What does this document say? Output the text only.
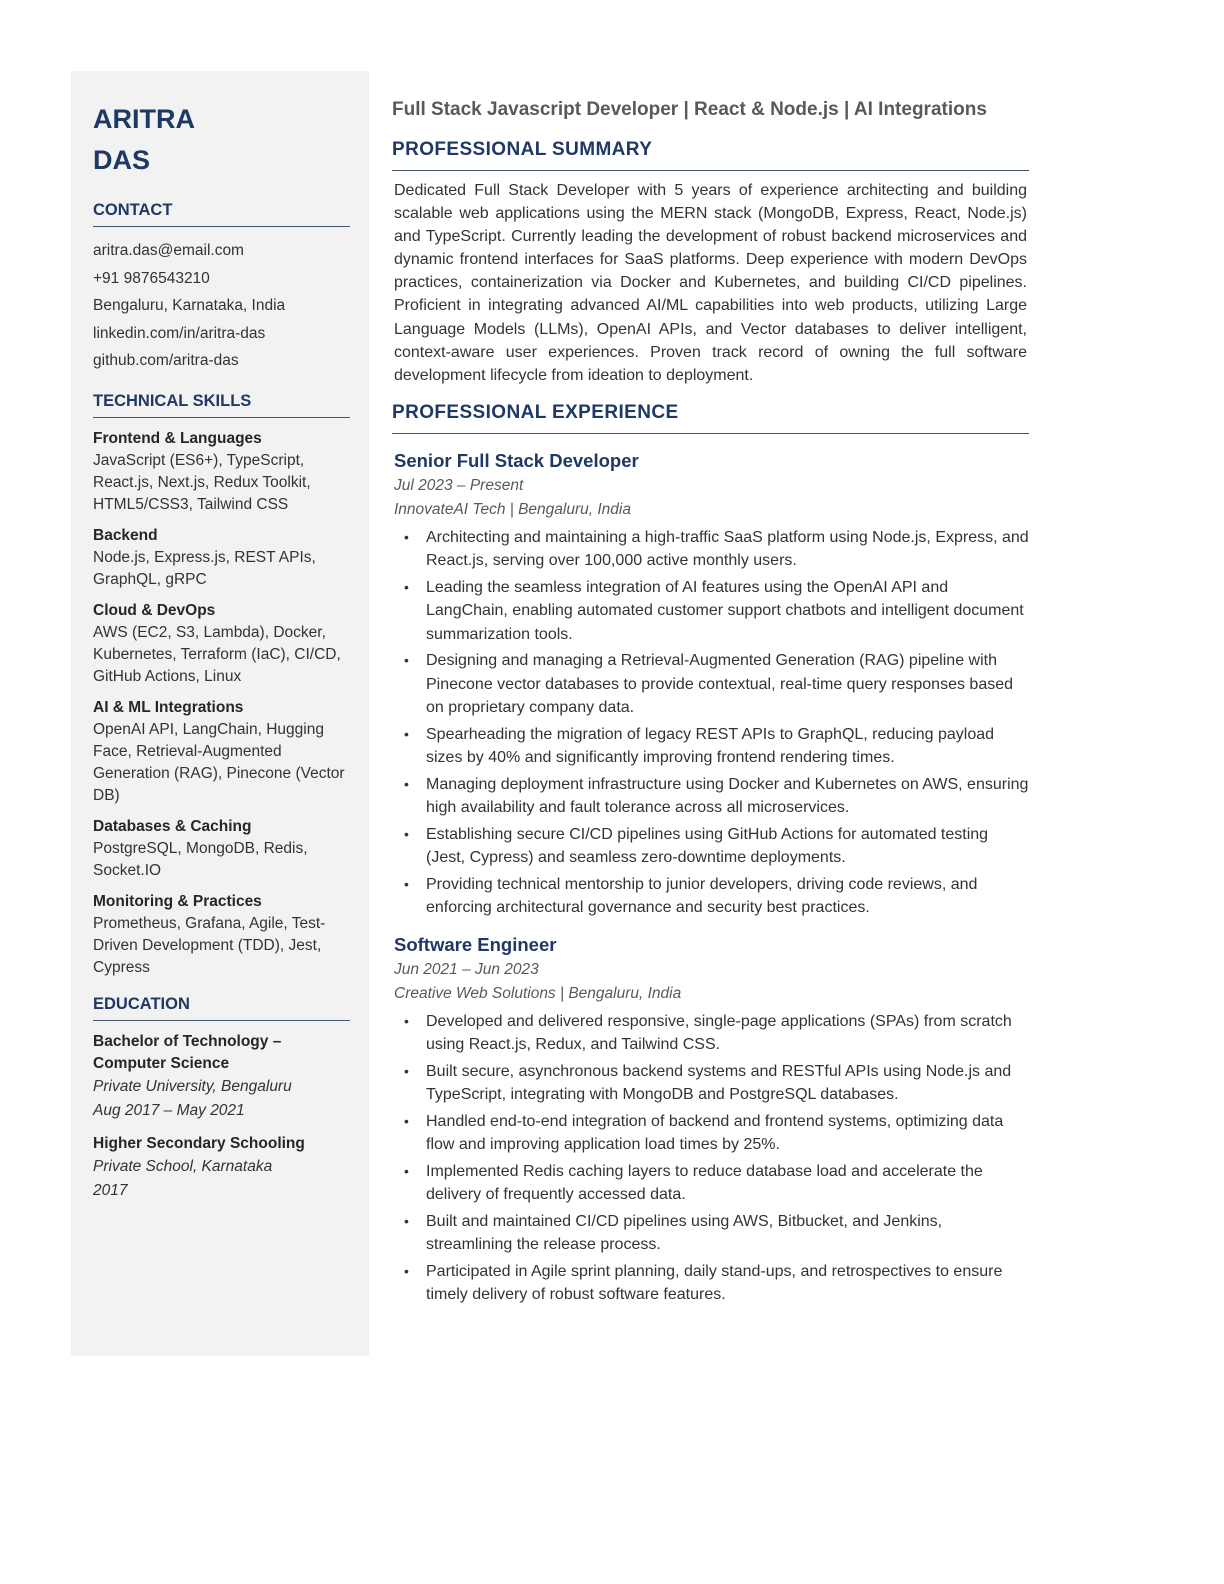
ARITRA
DAS
CONTACT
aritra.das@email.com
+91 9876543210
Bengaluru, Karnataka, India
linkedin.com/in/aritra-das
github.com/aritra-das
TECHNICAL SKILLS
Frontend & Languages
JavaScript (ES6+), TypeScript, React.js, Next.js, Redux Toolkit, HTML5/CSS3, Tailwind CSS
Backend
Node.js, Express.js, REST APIs, GraphQL, gRPC
Cloud & DevOps
AWS (EC2, S3, Lambda), Docker, Kubernetes, Terraform (IaC), CI/CD, GitHub Actions, Linux
AI & ML Integrations
OpenAI API, LangChain, Hugging Face, Retrieval-Augmented Generation (RAG), Pinecone (Vector DB)
Databases & Caching
PostgreSQL, MongoDB, Redis, Socket.IO
Monitoring & Practices
Prometheus, Grafana, Agile, Test-Driven Development (TDD), Jest, Cypress
EDUCATION
Bachelor of Technology –
Computer Science
Private University, Bengaluru
Aug 2017 – May 2021
Higher Secondary Schooling
Private School, Karnataka
2017
Full Stack Javascript Developer | React & Node.js | AI Integrations
PROFESSIONAL SUMMARY

Dedicated Full Stack Developer with 5 years of experience architecting and building scalable web applications using the MERN stack (MongoDB, Express, React, Node.js) and TypeScript. Currently leading the development of robust backend microservices and dynamic frontend interfaces for SaaS platforms. Deep experience with modern DevOps practices, containerization via Docker and Kubernetes, and building CI/CD pipelines. Proficient in integrating advanced AI/ML capabilities into web products, utilizing Large Language Models (LLMs), OpenAI APIs, and Vector databases to deliver intelligent, context-aware user experiences. Proven track record of owning the full software development lifecycle from ideation to deployment.

PROFESSIONAL EXPERIENCE
Senior Full Stack Developer
Jul 2023 – Present
InnovateAI Tech | Bengaluru, India
• Architecting and maintaining a high-traffic SaaS platform using Node.js, Express, and React.js, serving over 100,000 active monthly users.
• Leading the seamless integration of AI features using the OpenAI API and LangChain, enabling automated customer support chatbots and intelligent document summarization tools.
• Designing and managing a Retrieval-Augmented Generation (RAG) pipeline with Pinecone vector databases to provide contextual, real-time query responses based on proprietary company data.
• Spearheading the migration of legacy REST APIs to GraphQL, reducing payload sizes by 40% and significantly improving frontend rendering times.
• Managing deployment infrastructure using Docker and Kubernetes on AWS, ensuring high availability and fault tolerance across all microservices.
• Establishing secure CI/CD pipelines using GitHub Actions for automated testing (Jest, Cypress) and seamless zero-downtime deployments.
• Providing technical mentorship to junior developers, driving code reviews, and enforcing architectural governance and security best practices.
Software Engineer
Jun 2021 – Jun 2023
Creative Web Solutions | Bengaluru, India
• Developed and delivered responsive, single-page applications (SPAs) from scratch using React.js, Redux, and Tailwind CSS.
• Built secure, asynchronous backend systems and RESTful APIs using Node.js and TypeScript, integrating with MongoDB and PostgreSQL databases.
• Handled end-to-end integration of backend and frontend systems, optimizing data flow and improving application load times by 25%.
• Implemented Redis caching layers to reduce database load and accelerate the delivery of frequently accessed data.
• Built and maintained CI/CD pipelines using AWS, Bitbucket, and Jenkins, streamlining the release process.
• Participated in Agile sprint planning, daily stand-ups, and retrospectives to ensure timely delivery of robust software features.
